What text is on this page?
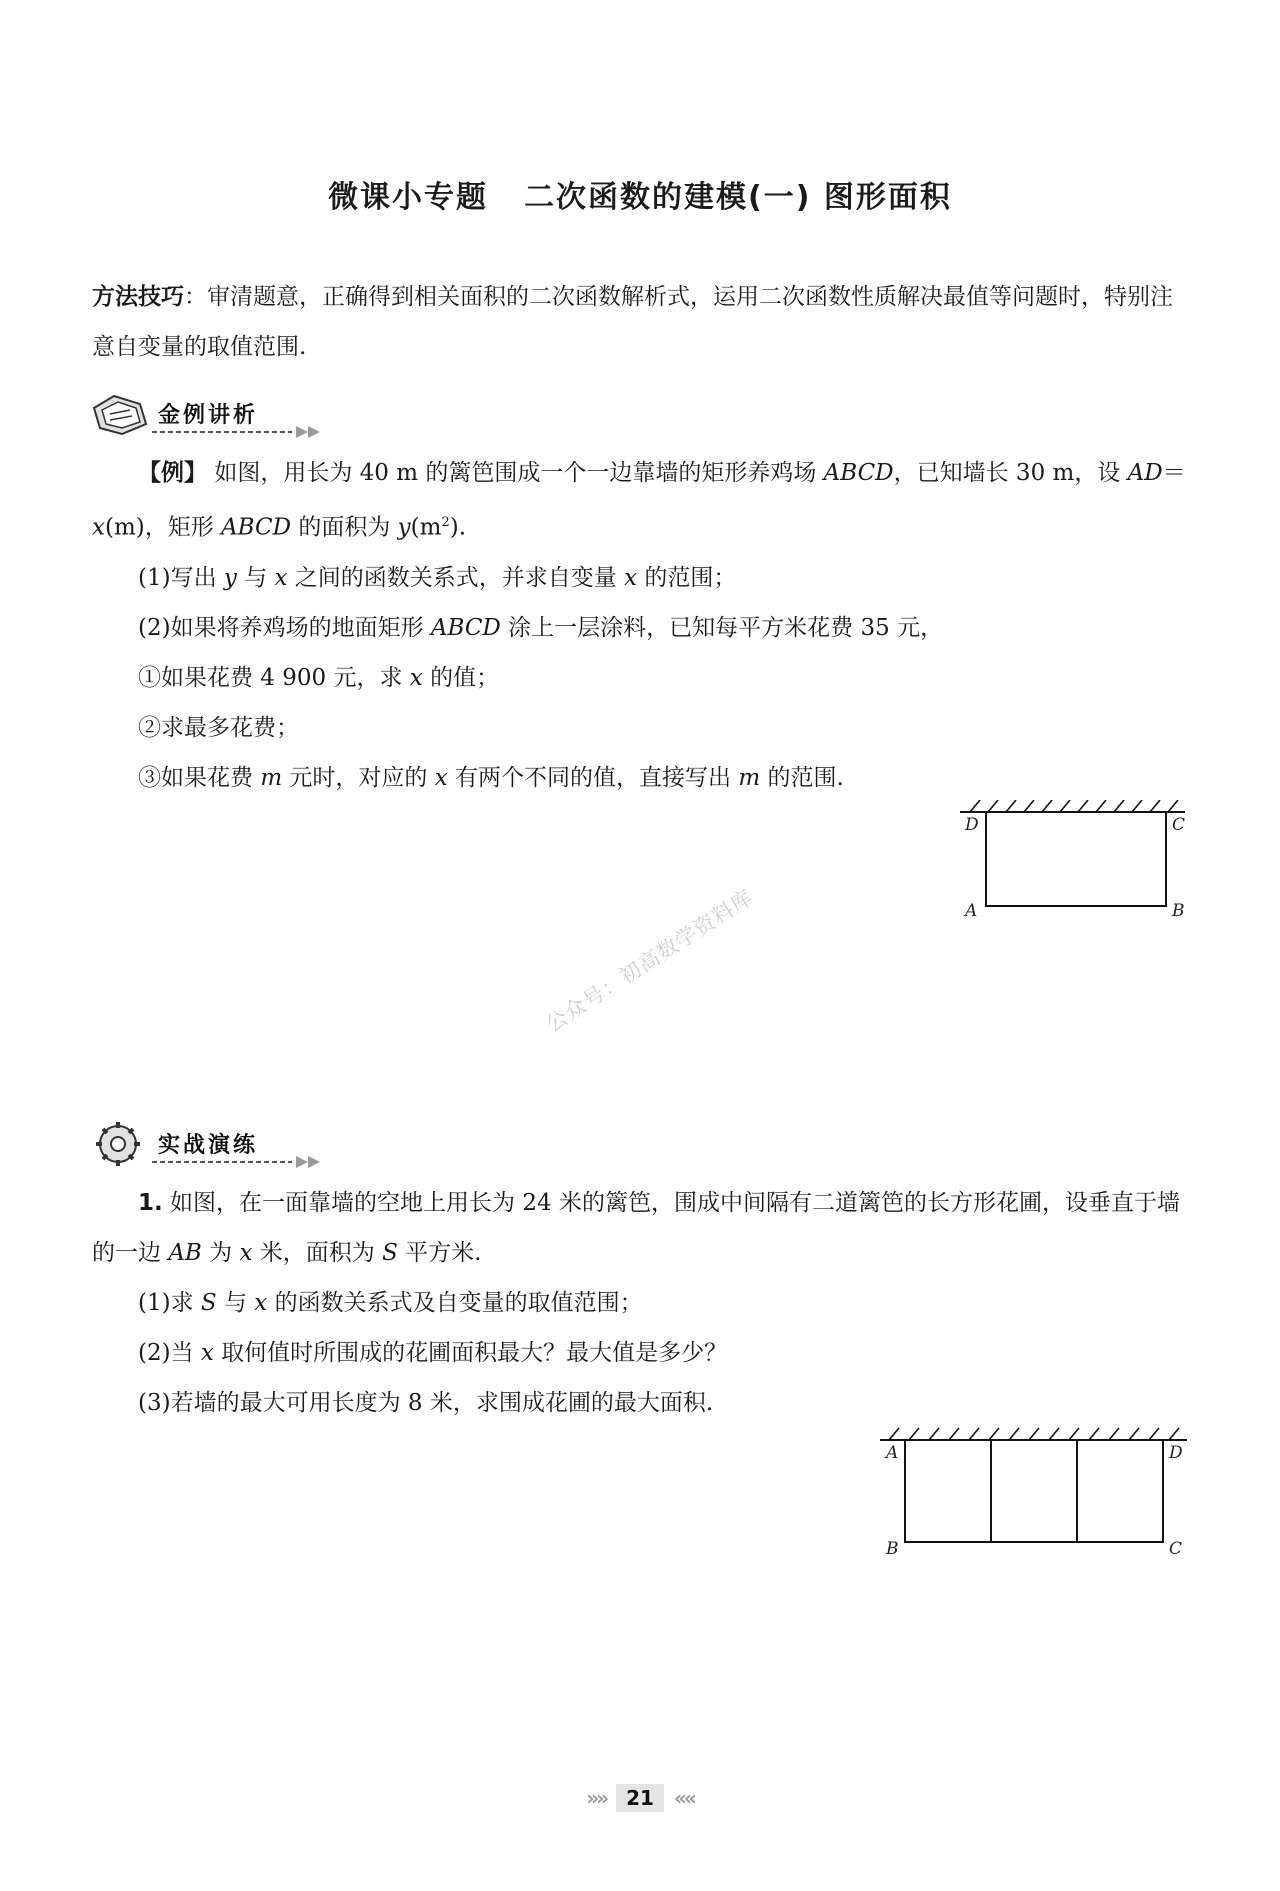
微课小专题 二次函数的建模(一) 图形面积

方法技巧：审清题意，正确得到相关面积的二次函数解析式，运用二次函数性质解决最值等问题时，特别注意自变量的取值范围.

金例讲析

【例】 如图，用长为 40 m 的篱笆围成一个一边靠墙的矩形养鸡场 ABCD，已知墙长 30 m，设 AD＝x(m)，矩形 ABCD 的面积为 $y(m^2)$.

(1)写出 y 与 x 之间的函数关系式，并求自变量 x 的范围；

(2)如果将养鸡场的地面矩形 ABCD 涂上一层涂料，已知每平方米花费 35 元，

①如果花费 4 900 元，求 x 的值；

②求最多花费；

③如果花费 m 元时，对应的 x 有两个不同的值，直接写出 m 的范围.

D	C
A	B
公众号：初高数学资料库
实战演练

1. 如图，在一面靠墙的空地上用长为 24 米的篱笆，围成中间隔有二道篱笆的长方形花圃，设垂直于墙的一边 AB 为 x 米，面积为 S 平方米.

(1)求 S 与 x 的函数关系式及自变量的取值范围；

(2)当 x 取何值时所围成的花圃面积最大？最大值是多少？

(3)若墙的最大可用长度为 8 米，求围成花圃的最大面积.

A	D
B	C
»» 21 ««
